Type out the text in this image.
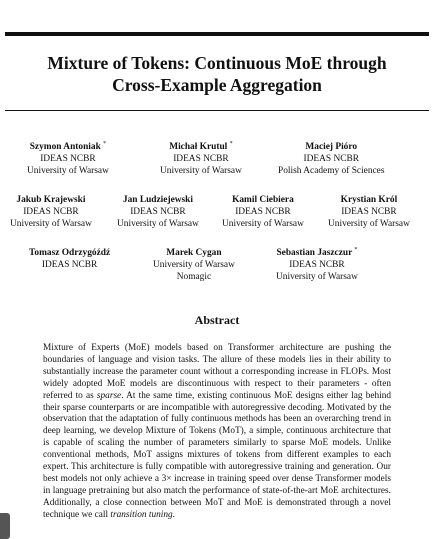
Mixture of Tokens: Continuous MoE through
Cross-Example Aggregation
Szymon Antoniak *
IDEAS NCBR
University of Warsaw
Michał Krutul *
IDEAS NCBR
University of Warsaw
Maciej Pióro
IDEAS NCBR
Polish Academy of Sciences
Jakub Krajewski
IDEAS NCBR
University of Warsaw
Jan Ludziejewski
IDEAS NCBR
University of Warsaw
Kamil Ciebiera
IDEAS NCBR
University of Warsaw
Krystian Król
IDEAS NCBR
University of Warsaw
Tomasz Odrzygóźdź
IDEAS NCBR
Marek Cygan
University of Warsaw
Nomagic
Sebastian Jaszczur *
IDEAS NCBR
University of Warsaw
Abstract
Mixture of Experts (MoE) models based on Transformer architecture are pushing the boundaries of language and vision tasks. The allure of these models lies in their ability to substantially increase the parameter count without a corresponding increase in FLOPs. Most widely adopted MoE models are discontinuous with respect to their parameters - often referred to as sparse. At the same time, existing continuous MoE designs either lag behind their sparse counterparts or are incompatible with autoregressive decoding. Motivated by the observation that the adaptation of fully continuous methods has been an overarching trend in deep learning, we develop Mixture of Tokens (MoT), a simple, continuous architecture that is capable of scaling the number of parameters similarly to sparse MoE models. Unlike conventional methods, MoT assigns mixtures of tokens from different examples to each expert. This architecture is fully compatible with autoregressive training and generation. Our best models not only achieve a 3× increase in training speed over dense Transformer models in language pretraining but also match the performance of state-of-the-art MoE architectures. Additionally, a close connection between MoT and MoE is demonstrated through a novel technique we call transition tuning.
